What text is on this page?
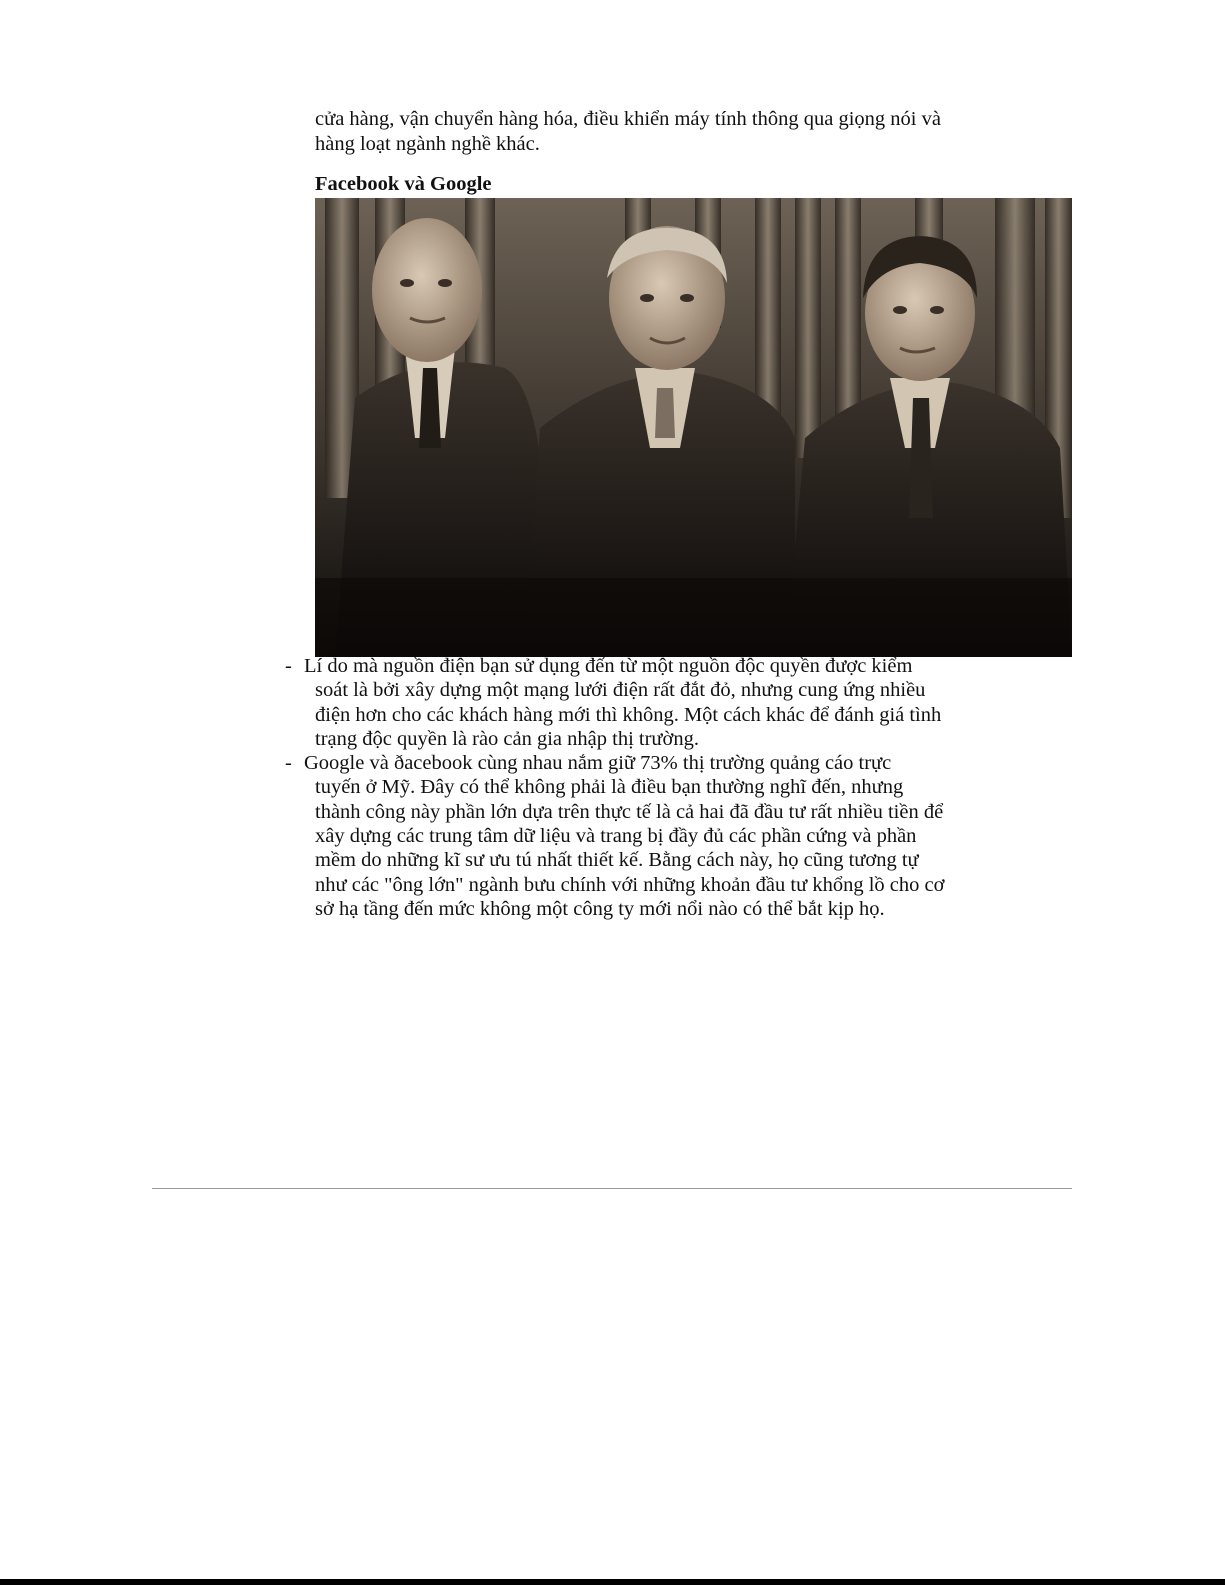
cửa hàng, vận chuyển hàng hóa, điều khiển máy tính thông qua giọng nói và
hàng loạt ngành nghề khác.
Facebook và Google
- Lí do mà nguồn điện bạn sử dụng đến từ một nguồn độc quyền được kiểm
soát là bởi xây dựng một mạng lưới điện rất đắt đỏ, nhưng cung ứng nhiều
điện hơn cho các khách hàng mới thì không. Một cách khác để đánh giá tình
trạng độc quyền là rào cản gia nhập thị trường.
- Google và ðacebook cùng nhau nắm giữ 73% thị trường quảng cáo trực
tuyến ở Mỹ. Đây có thể không phải là điều bạn thường nghĩ đến, nhưng
thành công này phần lớn dựa trên thực tế là cả hai đã đầu tư rất nhiều tiền để
xây dựng các trung tâm dữ liệu và trang bị đầy đủ các phần cứng và phần
mềm do những kĩ sư ưu tú nhất thiết kế. Bằng cách này, họ cũng tương tự
như các "ông lớn" ngành bưu chính với những khoản đầu tư khổng lồ cho cơ
sở hạ tầng đến mức không một công ty mới nổi nào có thể bắt kịp họ.
